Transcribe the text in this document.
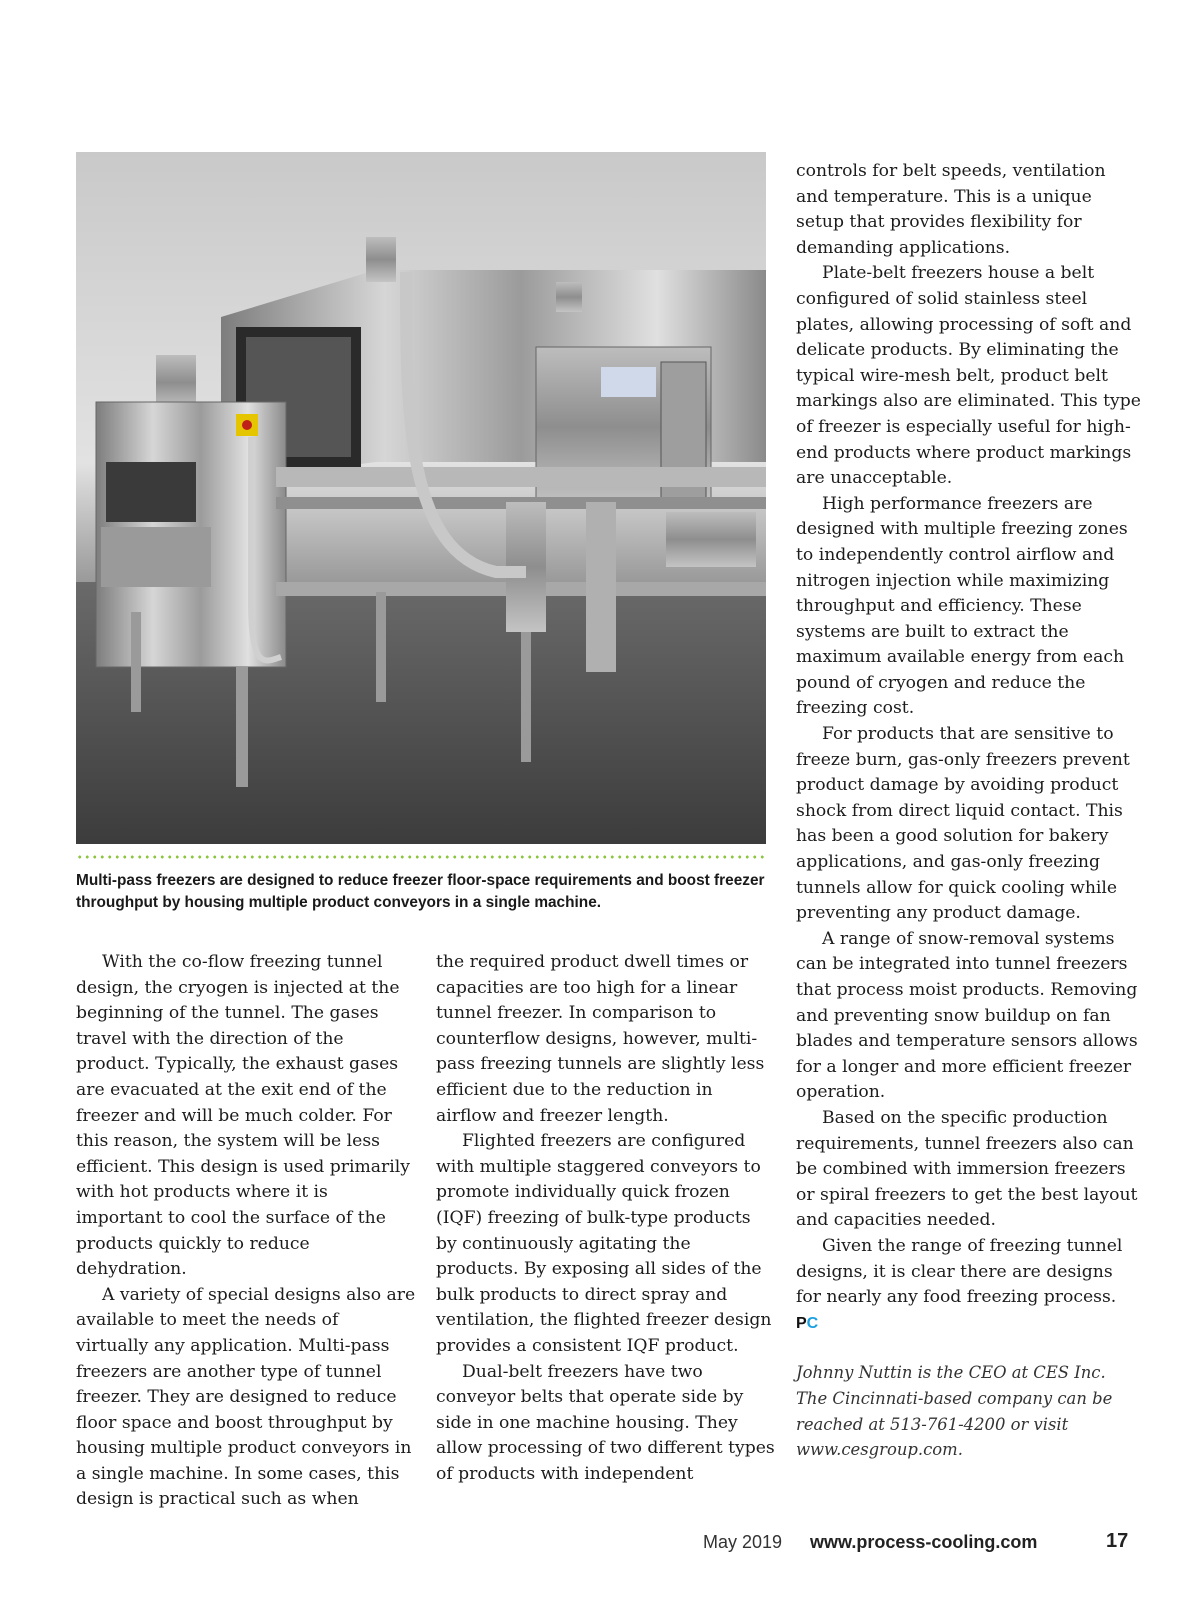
Multi-pass freezers are designed to reduce freezer floor-space requirements and boost freezer throughput by housing multiple product conveyors in a single machine.

With the co-flow freezing tunnel design, the cryogen is injected at the beginning of the tunnel. The gases travel with the direction of the product. Typically, the exhaust gases are evacuated at the exit end of the freezer and will be much colder. For this reason, the system will be less efficient. This design is used primarily with hot products where it is important to cool the surface of the products quickly to reduce dehydration.

A variety of special designs also are available to meet the needs of virtually any application. Multi-pass freezers are another type of tunnel freezer. They are designed to reduce floor space and boost throughput by housing multiple product conveyors in a single machine. In some cases, this design is practical such as when

the required product dwell times or capacities are too high for a linear tunnel freezer. In comparison to counterflow designs, however, multi-pass freezing tunnels are slightly less efficient due to the reduction in airflow and freezer length.

Flighted freezers are configured with multiple staggered conveyors to promote individually quick frozen (IQF) freezing of bulk-type products by continuously agitating the products. By exposing all sides of the bulk products to direct spray and ventilation, the flighted freezer design provides a consistent IQF product.

Dual-belt freezers have two conveyor belts that operate side by side in one machine housing. They allow processing of two different types of products with independent

controls for belt speeds, ventilation and temperature. This is a unique setup that provides flexibility for demanding applications.

Plate-belt freezers house a belt configured of solid stainless steel plates, allowing processing of soft and delicate products. By eliminating the typical wire-mesh belt, product belt markings also are eliminated. This type of freezer is especially useful for high-end products where product markings are unacceptable.

High performance freezers are designed with multiple freezing zones to independently control airflow and nitrogen injection while maximizing throughput and efficiency. These systems are built to extract the maximum available energy from each pound of cryogen and reduce the freezing cost.

For products that are sensitive to freeze burn, gas-only freezers prevent product damage by avoiding product shock from direct liquid contact. This has been a good solution for bakery applications, and gas-only freezing tunnels allow for quick cooling while preventing any product damage.

A range of snow-removal systems can be integrated into tunnel freezers that process moist products. Removing and preventing snow buildup on fan blades and temperature sensors allows for a longer and more efficient freezer operation.

Based on the specific production requirements, tunnel freezers also can be combined with immersion freezers or spiral freezers to get the best layout and capacities needed.

Given the range of freezing tunnel designs, it is clear there are designs for nearly any food freezing process.

PC

Johnny Nuttin is the CEO at CES Inc. The Cincinnati-based company can be reached at 513-761-4200 or visit www.cesgroup.com.

May 2019 www.process-cooling.com	17
